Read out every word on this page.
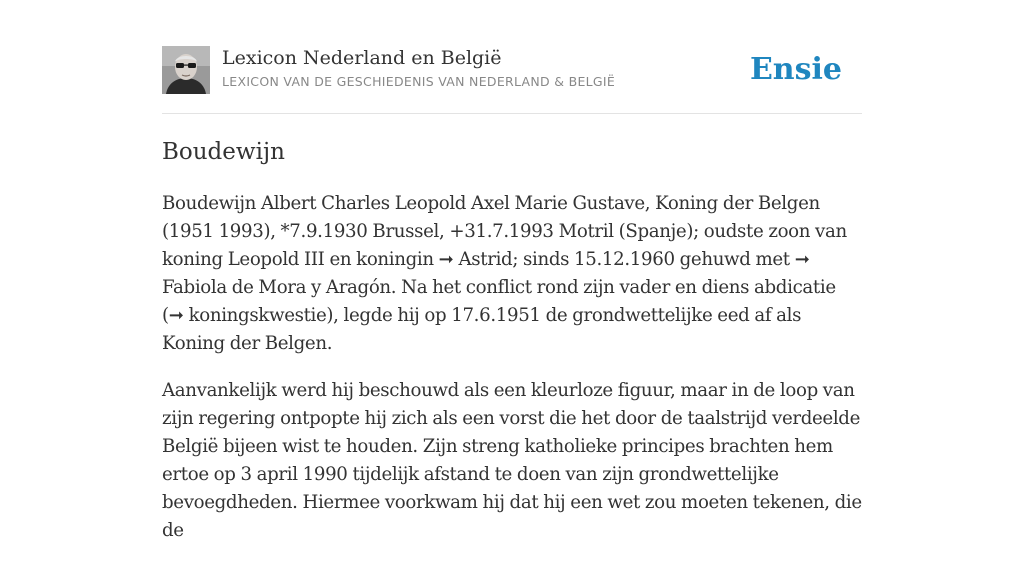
Lexicon Nederland en België
LEXICON VAN DE GESCHIEDENIS VAN NEDERLAND & BELGIË	Ensie
Boudewijn

Boudewijn Albert Charles Leopold Axel Marie Gustave, Koning der Belgen (1951 1993), *7.9.1930 Brussel, +31.7.1993 Motril (Spanje); oudste zoon van koning Leopold III en koningin ➞ Astrid; sinds 15.12.1960 gehuwd met ➞ Fabiola de Mora y Aragón. Na het conflict rond zijn vader en diens abdicatie (➞ koningskwestie), legde hij op 17.6.1951 de grondwettelijke eed af als Koning der Belgen.

Aanvankelijk werd hij beschouwd als een kleurloze figuur, maar in de loop van zijn regering ontpopte hij zich als een vorst die het door de taalstrijd verdeelde België bijeen wist te houden. Zijn streng katholieke principes brachten hem ertoe op 3 april 1990 tijdelijk afstand te doen van zijn grondwettelijke bevoegdheden. Hiermee voorkwam hij dat hij een wet zou moeten tekenen, die de
